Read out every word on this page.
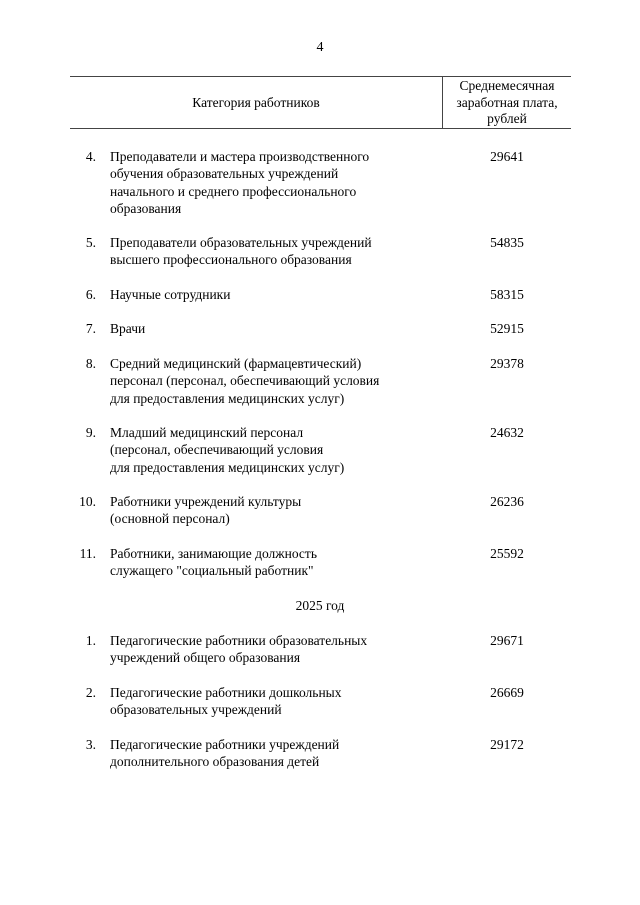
4
Категория работников
Среднемесячная
заработная плата,
рублей
4. Преподаватели и мастера производственного
обучения образовательных учреждений
начального и среднего профессионального
образования
29641
5. Преподаватели образовательных учреждений
высшего профессионального образования
54835
6. Научные сотрудники	58315
7. Врачи	52915
8. Средний медицинский (фармацевтический)
персонал (персонал, обеспечивающий условия
для предоставления медицинских услуг)
29378
9. Младший медицинский персонал
(персонал, обеспечивающий условия
для предоставления медицинских услуг)
24632
10. Работники учреждений культуры
(основной персонал)
26236
11. Работники, занимающие должность
служащего "социальный работник"
25592
2025 год
1. Педагогические работники образовательных
учреждений общего образования
29671
2. Педагогические работники дошкольных
образовательных учреждений
26669
3. Педагогические работники учреждений
дополнительного образования детей
29172
